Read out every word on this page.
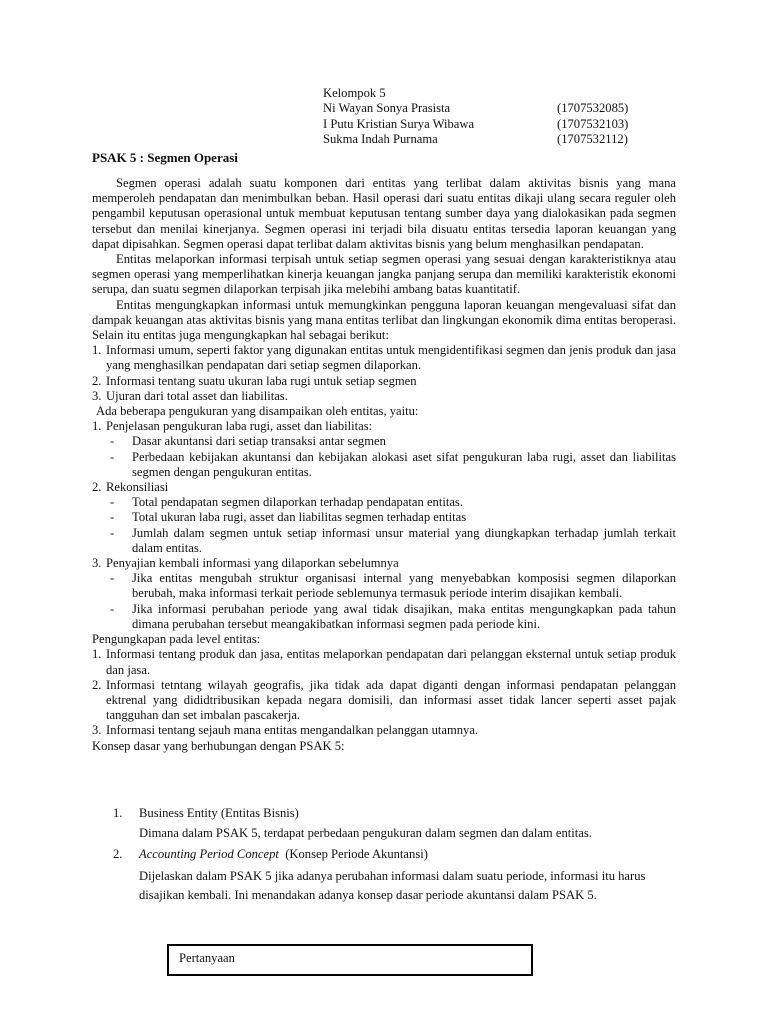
Kelompok 5
Ni Wayan Sonya Prasista	(1707532085)
I Putu Kristian Surya Wibawa	(1707532103)
Sukma Indah Purnama	(1707532112)
PSAK 5 : Segmen Operasi

Segmen operasi adalah suatu komponen dari entitas yang terlibat dalam aktivitas bisnis yang mana memperoleh pendapatan dan menimbulkan beban. Hasil operasi dari suatu entitas dikaji ulang secara reguler oleh pengambil keputusan operasional untuk membuat keputusan tentang sumber daya yang dialokasikan pada segmen tersebut dan menilai kinerjanya. Segmen operasi ini terjadi bila disuatu entitas tersedia laporan keuangan yang dapat dipisahkan. Segmen operasi dapat terlibat dalam aktivitas bisnis yang belum menghasilkan pendapatan.

Entitas melaporkan informasi terpisah untuk setiap segmen operasi yang sesuai dengan karakteristiknya atau segmen operasi yang memperlihatkan kinerja keuangan jangka panjang serupa dan memiliki karakteristik ekonomi serupa, dan suatu segmen dilaporkan terpisah jika melebihi ambang batas kuantitatif.

Entitas mengungkapkan informasi untuk memungkinkan pengguna laporan keuangan mengevaluasi sifat dan dampak keuangan atas aktivitas bisnis yang mana entitas terlibat dan lingkungan ekonomik dima entitas beroperasi. Selain itu entitas juga mengungkapkan hal sebagai berikut:

1. Informasi umum, seperti faktor yang digunakan entitas untuk mengidentifikasi segmen dan jenis produk dan jasa yang menghasilkan pendapatan dari setiap segmen dilaporkan.
2. Informasi tentang suatu ukuran laba rugi untuk setiap segmen
3. Ujuran dari total asset dan liabilitas.

Ada beberapa pengukuran yang disampaikan oleh entitas, yaitu:

1. Penjelasan pengukuran laba rugi, asset dan liabilitas:
-	Dasar akuntansi dari setiap transaksi antar segmen
-	Perbedaan kebijakan akuntansi dan kebijakan alokasi aset sifat pengukuran laba rugi, asset dan liabilitas segmen dengan pengukuran entitas.
2. Rekonsiliasi
-	Total pendapatan segmen dilaporkan terhadap pendapatan entitas.
-	Total ukuran laba rugi, asset dan liabilitas segmen terhadap entitas
-	Jumlah dalam segmen untuk setiap informasi unsur material yang diungkapkan terhadap jumlah terkait dalam entitas.
3. Penyajian kembali informasi yang dilaporkan sebelumnya
-	Jika entitas mengubah struktur organisasi internal yang menyebabkan komposisi segmen dilaporkan berubah, maka informasi terkait periode seblemunya termasuk periode interim disajikan kembali.
-	Jika informasi perubahan periode yang awal tidak disajikan, maka entitas mengungkapkan pada tahun dimana perubahan tersebut meangakibatkan informasi segmen pada periode kini.

Pengungkapan pada level entitas:

1. Informasi tentang produk dan jasa, entitas melaporkan pendapatan dari pelanggan eksternal untuk setiap produk dan jasa.
2. Informasi tetntang wilayah geografis, jika tidak ada dapat diganti dengan informasi pendapatan pelanggan ektrenal yang dididtribusikan kepada negara domisili, dan informasi asset tidak lancer seperti asset pajak tangguhan dan set imbalan pascakerja.
3. Informasi tentang sejauh mana entitas mengandalkan pelanggan utamnya.

Konsep dasar yang berhubungan dengan PSAK 5:

1.	Business Entity (Entitas Bisnis)
Dimana dalam PSAK 5, terdapat perbedaan pengukuran dalam segmen dan dalam entitas.
2.	Accounting Period Concept (Konsep Periode Akuntansi)
Dijelaskan dalam PSAK 5 jika adanya perubahan informasi dalam suatu periode, informasi itu harus disajikan kembali. Ini menandakan adanya konsep dasar periode akuntansi dalam PSAK 5.
Pertanyaan
